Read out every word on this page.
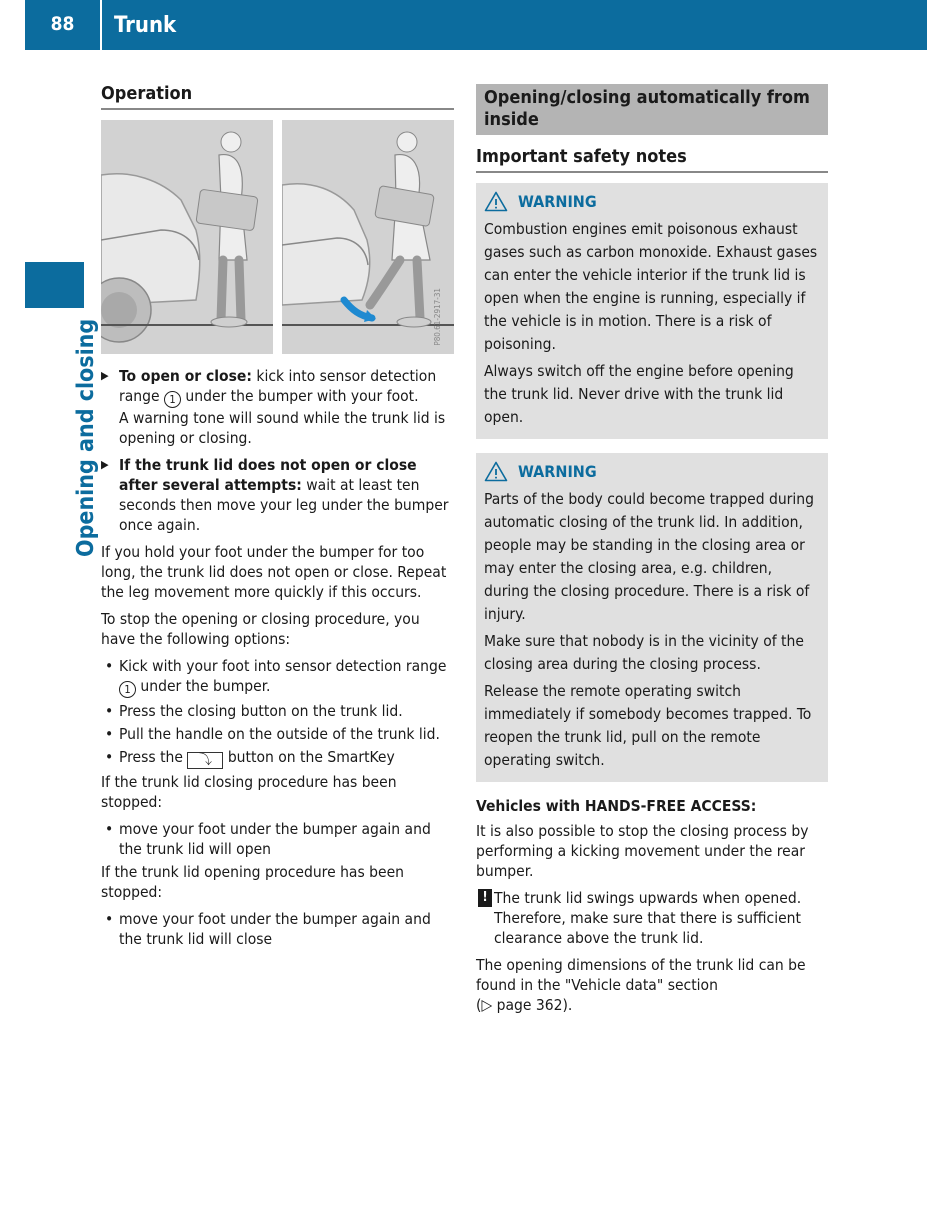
88	Trunk
Opening and closing
Operation
P80.61-2917-31
▶ To open or close: kick into sensor detection range 1 under the bumper with your foot.
A warning tone will sound while the trunk lid is opening or closing.
▶ If the trunk lid does not open or close after several attempts: wait at least ten seconds then move your leg under the bumper once again.

If you hold your foot under the bumper for too long, the trunk lid does not open or close. Repeat the leg movement more quickly if this occurs.

To stop the opening or closing procedure, you have the following options:

• Kick with your foot into sensor detection range 1 under the bumper.
• Press the closing button on the trunk lid.
• Pull the handle on the outside of the trunk lid.
• Press the ⤵ button on the SmartKey

If the trunk lid closing procedure has been stopped:

• move your foot under the bumper again and the trunk lid will open

If the trunk lid opening procedure has been stopped:

• move your foot under the bumper again and the trunk lid will close
Opening/closing automatically from inside
Important safety notes
WARNING

Combustion engines emit poisonous exhaust gases such as carbon monoxide. Exhaust gases can enter the vehicle interior if the trunk lid is open when the engine is running, especially if the vehicle is in motion. There is a risk of poisoning.

Always switch off the engine before opening the trunk lid. Never drive with the trunk lid open.

WARNING

Parts of the body could become trapped during automatic closing of the trunk lid. In addition, people may be standing in the closing area or may enter the closing area, e.g. children, during the closing procedure. There is a risk of injury.

Make sure that nobody is in the vicinity of the closing area during the closing process.

Release the remote operating switch immediately if somebody becomes trapped. To reopen the trunk lid, pull on the remote operating switch.

Vehicles with HANDS-FREE ACCESS:

It is also possible to stop the closing process by performing a kicking movement under the rear bumper.

! The trunk lid swings upwards when opened. Therefore, make sure that there is sufficient clearance above the trunk lid.

The opening dimensions of the trunk lid can be found in the "Vehicle data" section
(▷ page 362).
